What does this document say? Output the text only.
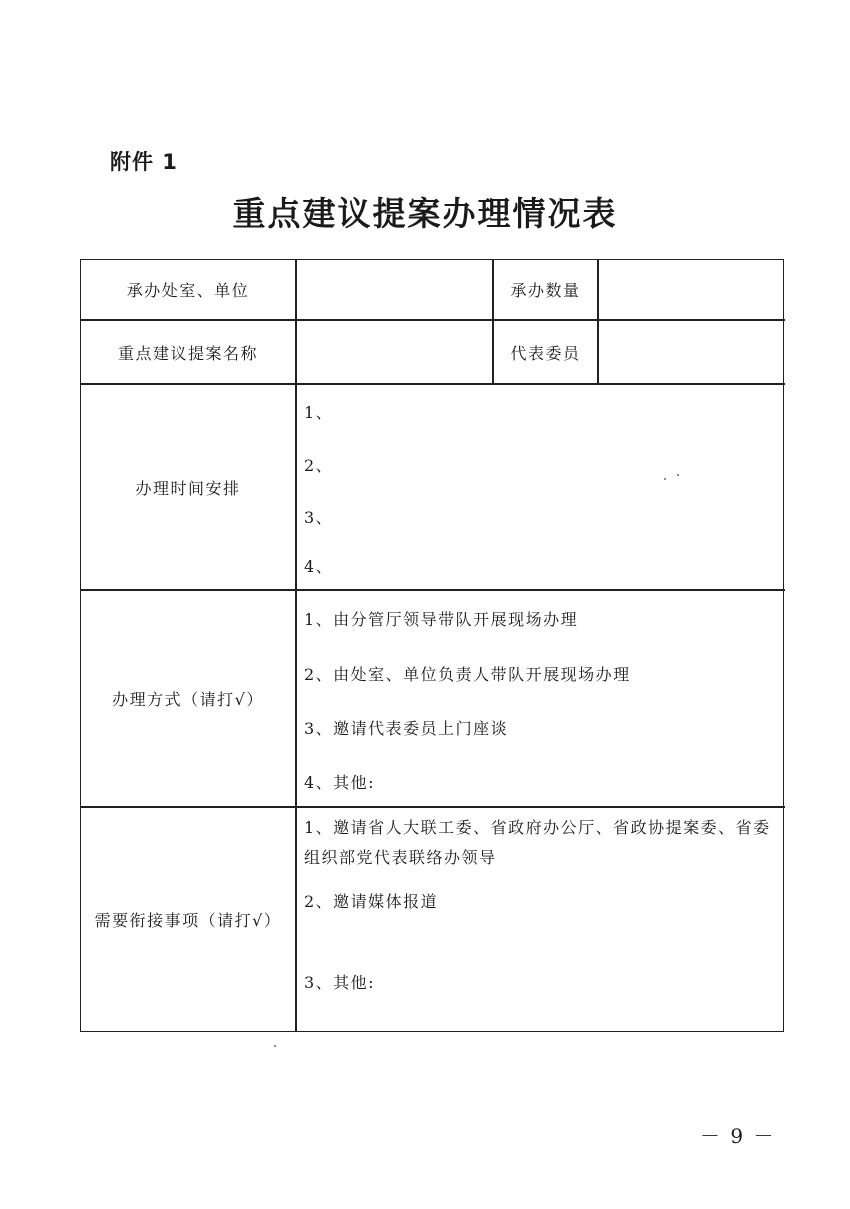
附件 1
重点建议提案办理情况表
承办处室、单位	承办数量
重点建议提案名称	代表委员
办理时间安排
1、
2、
3、
4、
办理方式（请打√）
1、由分管厅领导带队开展现场办理
2、由处室、单位负责人带队开展现场办理
3、邀请代表委员上门座谈
4、其他:
需要衔接事项（请打√）
1、邀请省人大联工委、省政府办公厅、省政协提案委、省委组织部党代表联络办领导
2、邀请媒体报道
3、其他:
－ 9 －
